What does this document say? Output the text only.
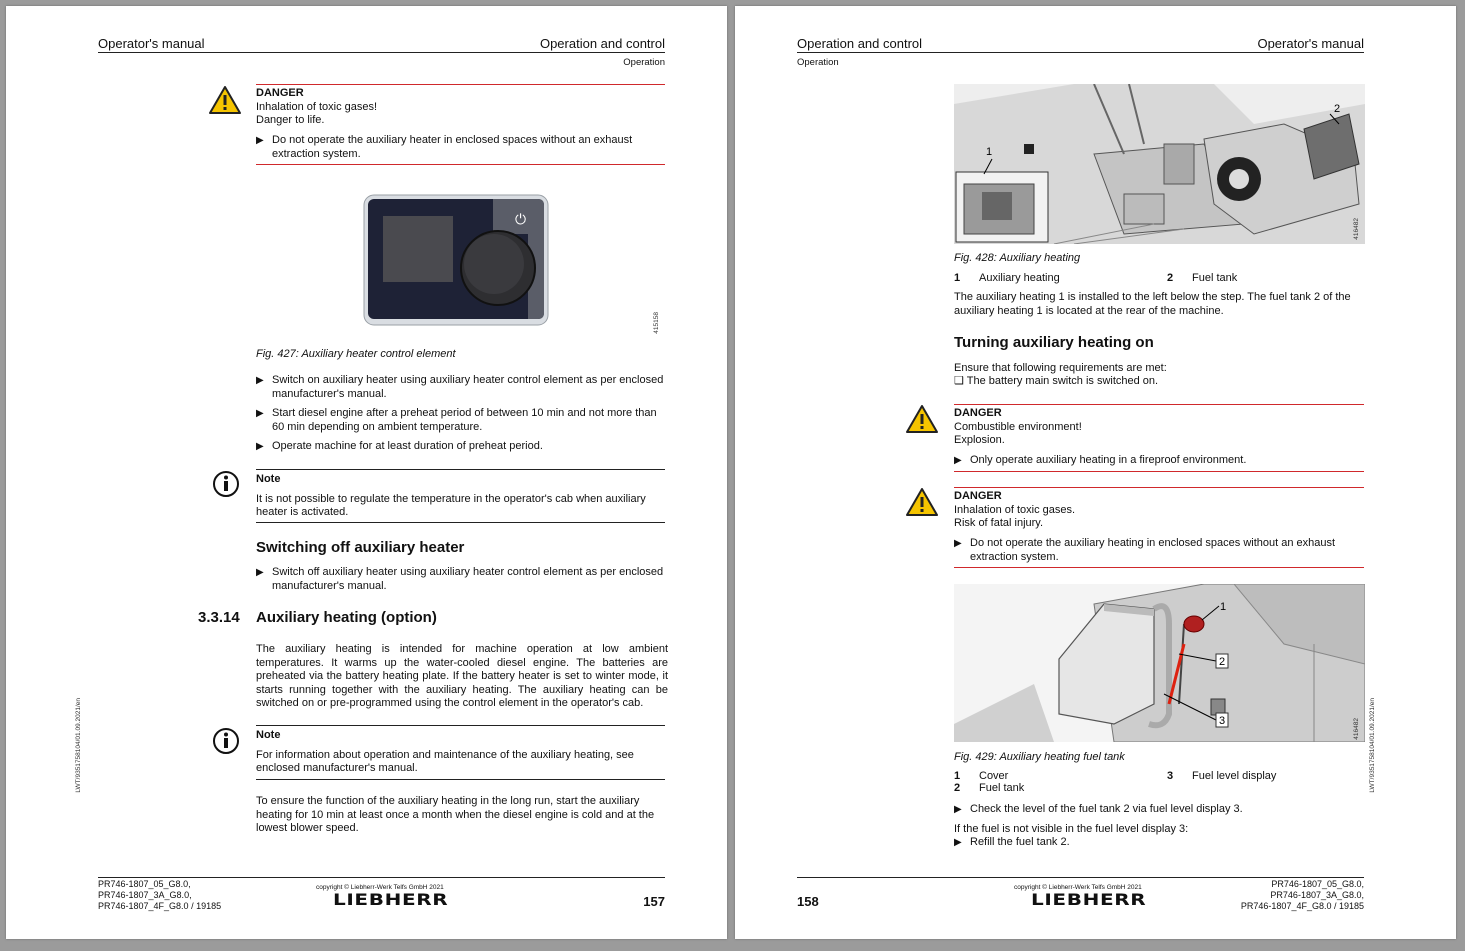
Operator's manual	Operation and control
Operation
DANGER
Inhalation of toxic gases!
Danger to life.
▶ Do not operate the auxiliary heater in enclosed spaces without an exhaust extraction system.
⏻
415158
Fig. 427: Auxiliary heater control element
▶ Switch on auxiliary heater using auxiliary heater control element as per enclosed manufacturer's manual.
▶ Start diesel engine after a preheat period of between 10 min and not more than 60 min depending on ambient temperature.
▶ Operate machine for at least duration of preheat period.
Note
It is not possible to regulate the temperature in the operator's cab when auxiliary heater is activated.
Switching off auxiliary heater
▶ Switch off auxiliary heater using auxiliary heater control element as per enclosed manufacturer's manual.
3.3.14 Auxiliary heating (option)
The auxiliary heating is intended for machine operation at low ambient temperatures. It warms up the water-cooled diesel engine. The batteries are preheated via the battery heating plate. If the battery heater is set to winter mode, it starts running together with the auxiliary heating. The auxiliary heating can be switched on or pre-programmed using the control element in the operator's cab.
Note
For information about operation and maintenance of the auxiliary heating, see enclosed manufacturer's manual.
To ensure the function of the auxiliary heating in the long run, start the auxiliary heating for 10 min at least once a month when the diesel engine is cold and at the lowest blower speed.
LWT/9351758104/01.09.2021/en
PR746-1807_05_G8.0,
PR746-1807_3A_G8.0,
PR746-1807_4F_G8.0 / 19185
copyright © Liebherr-Werk Telfs GmbH 2021
LIEBHERR	157
Operation and control	Operator's manual
Operation
1
2
416482
Fig. 428: Auxiliary heating
1	Auxiliary heating	2	Fuel tank
The auxiliary heating 1 is installed to the left below the step. The fuel tank 2 of the auxiliary heating 1 is located at the rear of the machine.
Turning auxiliary heating on
Ensure that following requirements are met:
❑ The battery main switch is switched on.
DANGER
Combustible environment!
Explosion.
▶ Only operate auxiliary heating in a fireproof environment.
DANGER
Inhalation of toxic gases.
Risk of fatal injury.
▶ Do not operate the auxiliary heating in enclosed spaces without an exhaust extraction system.
1
2
3	416482
Fig. 429: Auxiliary heating fuel tank
1	Cover	3	Fuel level display
2	Fuel tank		
▶ Check the level of the fuel tank 2 via fuel level display 3.
If the fuel is not visible in the fuel level display 3:
▶ Refill the fuel tank 2.
LWT/9351758104/01.09.2021/en
158
copyright © Liebherr-Werk Telfs GmbH 2021
LIEBHERR
PR746-1807_05_G8.0,
PR746-1807_3A_G8.0,
PR746-1807_4F_G8.0 / 19185
